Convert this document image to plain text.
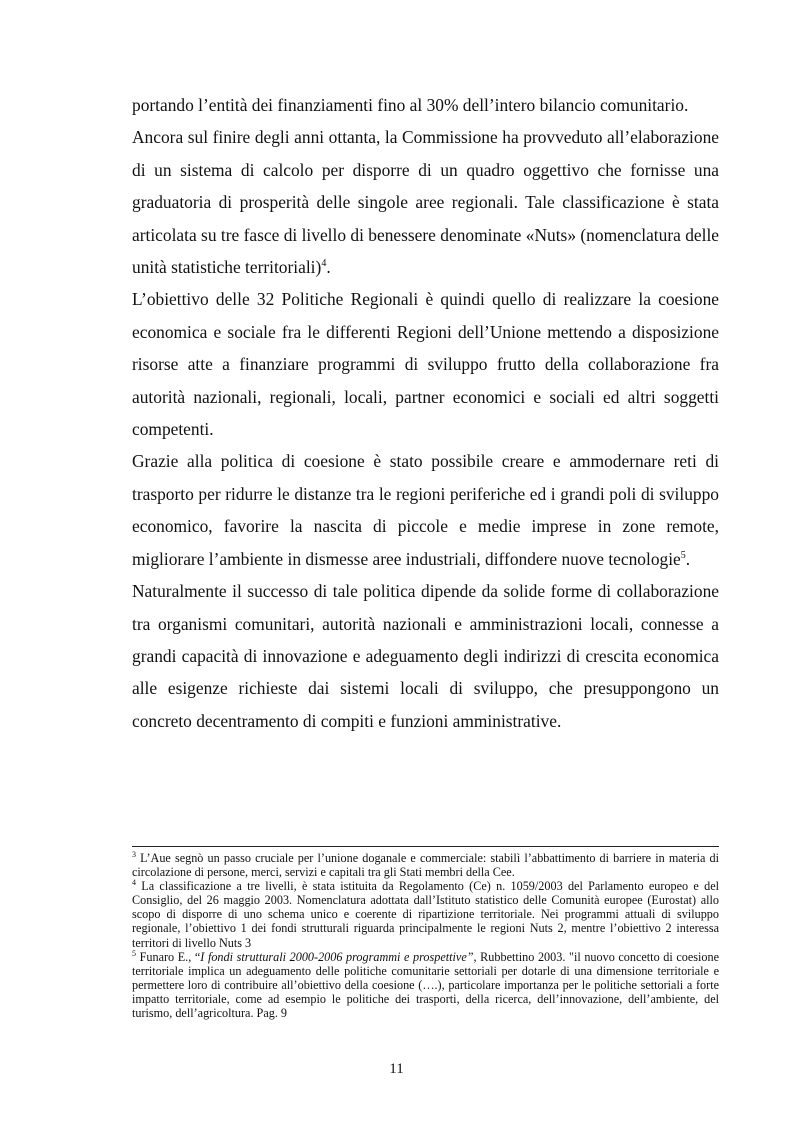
portando l’entità dei finanziamenti fino al 30% dell’intero bilancio comunitario.

Ancora sul finire degli anni ottanta, la Commissione ha provveduto all’elaborazione di un sistema di calcolo per disporre di un quadro oggettivo che fornisse una graduatoria di prosperità delle singole aree regionali. Tale classificazione è stata articolata su tre fasce di livello di benessere denominate «Nuts» (nomenclatura delle unità statistiche territoriali)$^4$.

L’obiettivo delle 32 Politiche Regionali è quindi quello di realizzare la coesione economica e sociale fra le differenti Regioni dell’Unione mettendo a disposizione risorse atte a finanziare programmi di sviluppo frutto della collaborazione fra autorità nazionali, regionali, locali, partner economici e sociali ed altri soggetti competenti.

Grazie alla politica di coesione è stato possibile creare e ammodernare reti di trasporto per ridurre le distanze tra le regioni periferiche ed i grandi poli di sviluppo economico, favorire la nascita di piccole e medie imprese in zone remote, migliorare l’ambiente in dismesse aree industriali, diffondere nuove tecnologie$^5$.

Naturalmente il successo di tale politica dipende da solide forme di collaborazione tra organismi comunitari, autorità nazionali e amministrazioni locali, connesse a grandi capacità di innovazione e adeguamento degli indirizzi di crescita economica alle esigenze richieste dai sistemi locali di sviluppo, che presuppongono un concreto decentramento di compiti e funzioni amministrative.

$^3$ L’Aue segnò un passo cruciale per l’unione doganale e commerciale: stabilì l’abbattimento di barriere in materia di circolazione di persone, merci, servizi e capitali tra gli Stati membri della Cee.

$^4$ La classificazione a tre livelli, è stata istituita da Regolamento (Ce) n. 1059/2003 del Parlamento europeo e del Consiglio, del 26 maggio 2003. Nomenclatura adottata dall’Istituto statistico delle Comunità europee (Eurostat) allo scopo di disporre di uno schema unico e coerente di ripartizione territoriale. Nei programmi attuali di sviluppo regionale, l’obiettivo 1 dei fondi strutturali riguarda principalmente le regioni Nuts 2, mentre l’obiettivo 2 interessa territori di livello Nuts 3

$^5$ Funaro E., “I fondi strutturali 2000-2006 programmi e prospettive”, Rubbettino 2003. "il nuovo concetto di coesione territoriale implica un adeguamento delle politiche comunitarie settoriali per dotarle di una dimensione territoriale e permettere loro di contribuire all’obiettivo della coesione (….), particolare importanza per le politiche settoriali a forte impatto territoriale, come ad esempio le politiche dei trasporti, della ricerca, dell’innovazione, dell’ambiente, del turismo, dell’agricoltura. Pag. 9

11
